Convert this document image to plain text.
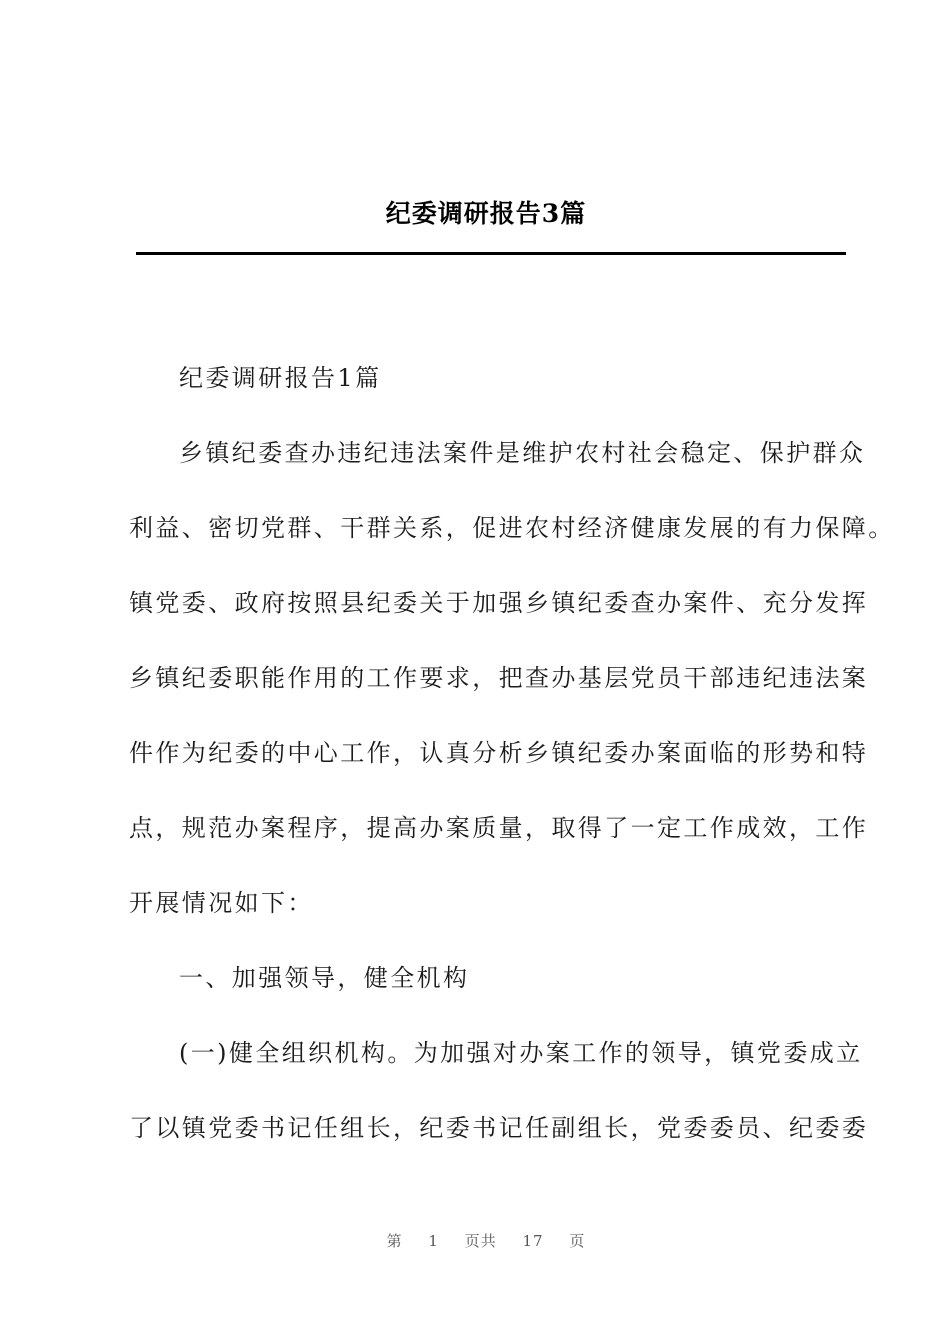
纪委调研报告3篇

纪委调研报告1篇

乡镇纪委查办违纪违法案件是维护农村社会稳定、保护群众

利益、密切党群、干群关系，促进农村经济健康发展的有力保障。

镇党委、政府按照县纪委关于加强乡镇纪委查办案件、充分发挥

乡镇纪委职能作用的工作要求，把查办基层党员干部违纪违法案

件作为纪委的中心工作，认真分析乡镇纪委办案面临的形势和特

点，规范办案程序，提高办案质量，取得了一定工作成效，工作

开展情况如下：

一、加强领导，健全机构

(一)健全组织机构。为加强对办案工作的领导，镇党委成立

了以镇党委书记任组长，纪委书记任副组长，党委委员、纪委委

第 1 页共 17 页
